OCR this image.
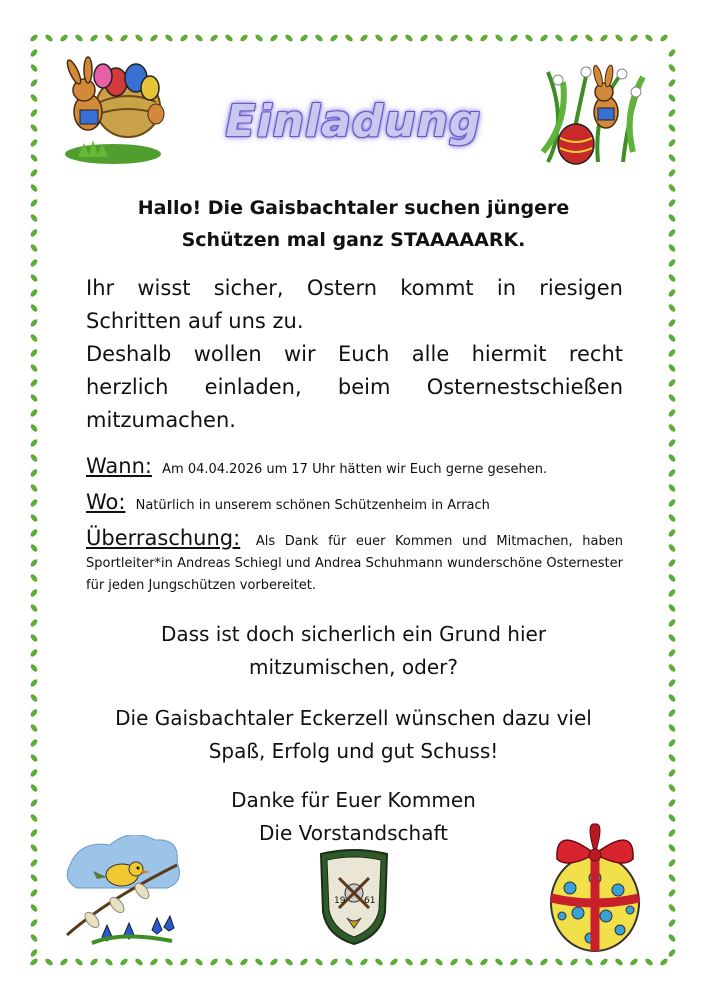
Einladung
Hallo! Die Gaisbachtaler suchen jüngere
Schützen mal ganz STAAAAARK.

Ihr wisst sicher, Ostern kommt in riesigen

Schritten auf uns zu.

Deshalb wollen wir Euch alle hiermit recht

herzlich einladen, beim Osternestschießen

mitzumachen.

Wann: Am 04.04.2026 um 17 Uhr hätten wir Euch gerne gesehen.
Wo: Natürlich in unserem schönen Schützenheim in Arrach
Überraschung: Als Dank für euer Kommen und Mitmachen, haben Sportleiter*in Andreas Schiegl und Andrea Schuhmann wunderschöne Osternester für jeden Jungschützen vorbereitet.
Dass ist doch sicherlich ein Grund hier
mitzumischen, oder?
Die Gaisbachtaler Eckerzell wünschen dazu viel
Spaß, Erfolg und gut Schuss!
Danke für Euer Kommen
Die Vorstandschaft
19 61
